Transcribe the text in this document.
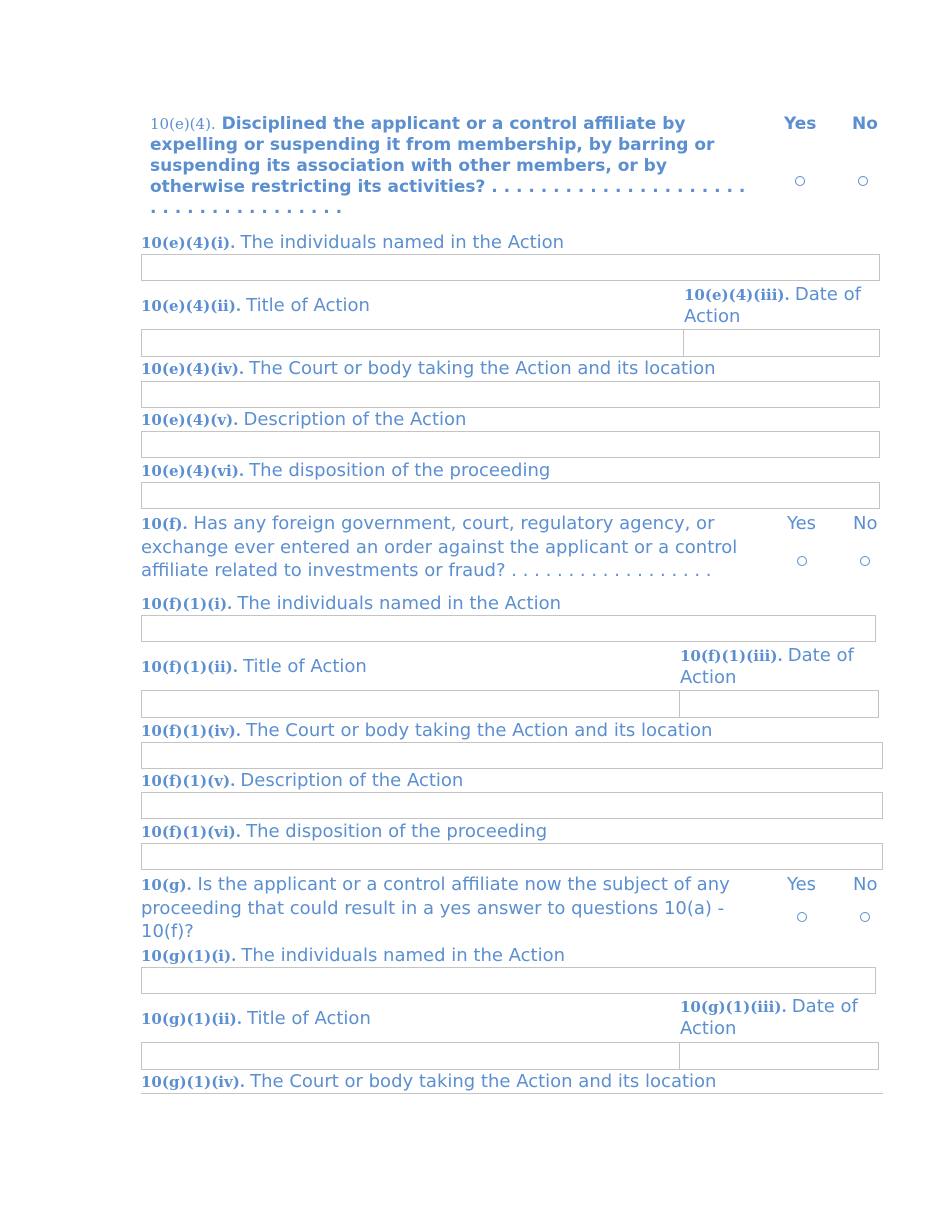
10(e)(4). Disciplined the applicant or a control affiliate by expelling or suspending it from membership, by barring or suspending its association with other members, or by otherwise restricting its activities? . . . . . . . . . . . . . . . . . . . . . . . . . . . . . . . . . . . . .
Yes No
10(e)(4)(i). The individuals named in the Action
10(e)(4)(ii). Title of Action	10(e)(4)(iii). Date of Action
10(e)(4)(iv). The Court or body taking the Action and its location
10(e)(4)(v). Description of the Action
10(e)(4)(vi). The disposition of the proceeding
10(f). Has any foreign government, court, regulatory agency, or exchange ever entered an order against the applicant or a control affiliate related to investments or fraud? . . . . . . . . . . . . . . . . . .
Yes No
10(f)(1)(i). The individuals named in the Action
10(f)(1)(ii). Title of Action	10(f)(1)(iii). Date of Action
10(f)(1)(iv). The Court or body taking the Action and its location
10(f)(1)(v). Description of the Action
10(f)(1)(vi). The disposition of the proceeding
10(g). Is the applicant or a control affiliate now the subject of any proceeding that could result in a yes answer to questions 10(a) - 10(f)?
Yes No
10(g)(1)(i). The individuals named in the Action
10(g)(1)(ii). Title of Action
10(g)(1)(iii). Date of Action
10(g)(1)(iv). The Court or body taking the Action and its location
